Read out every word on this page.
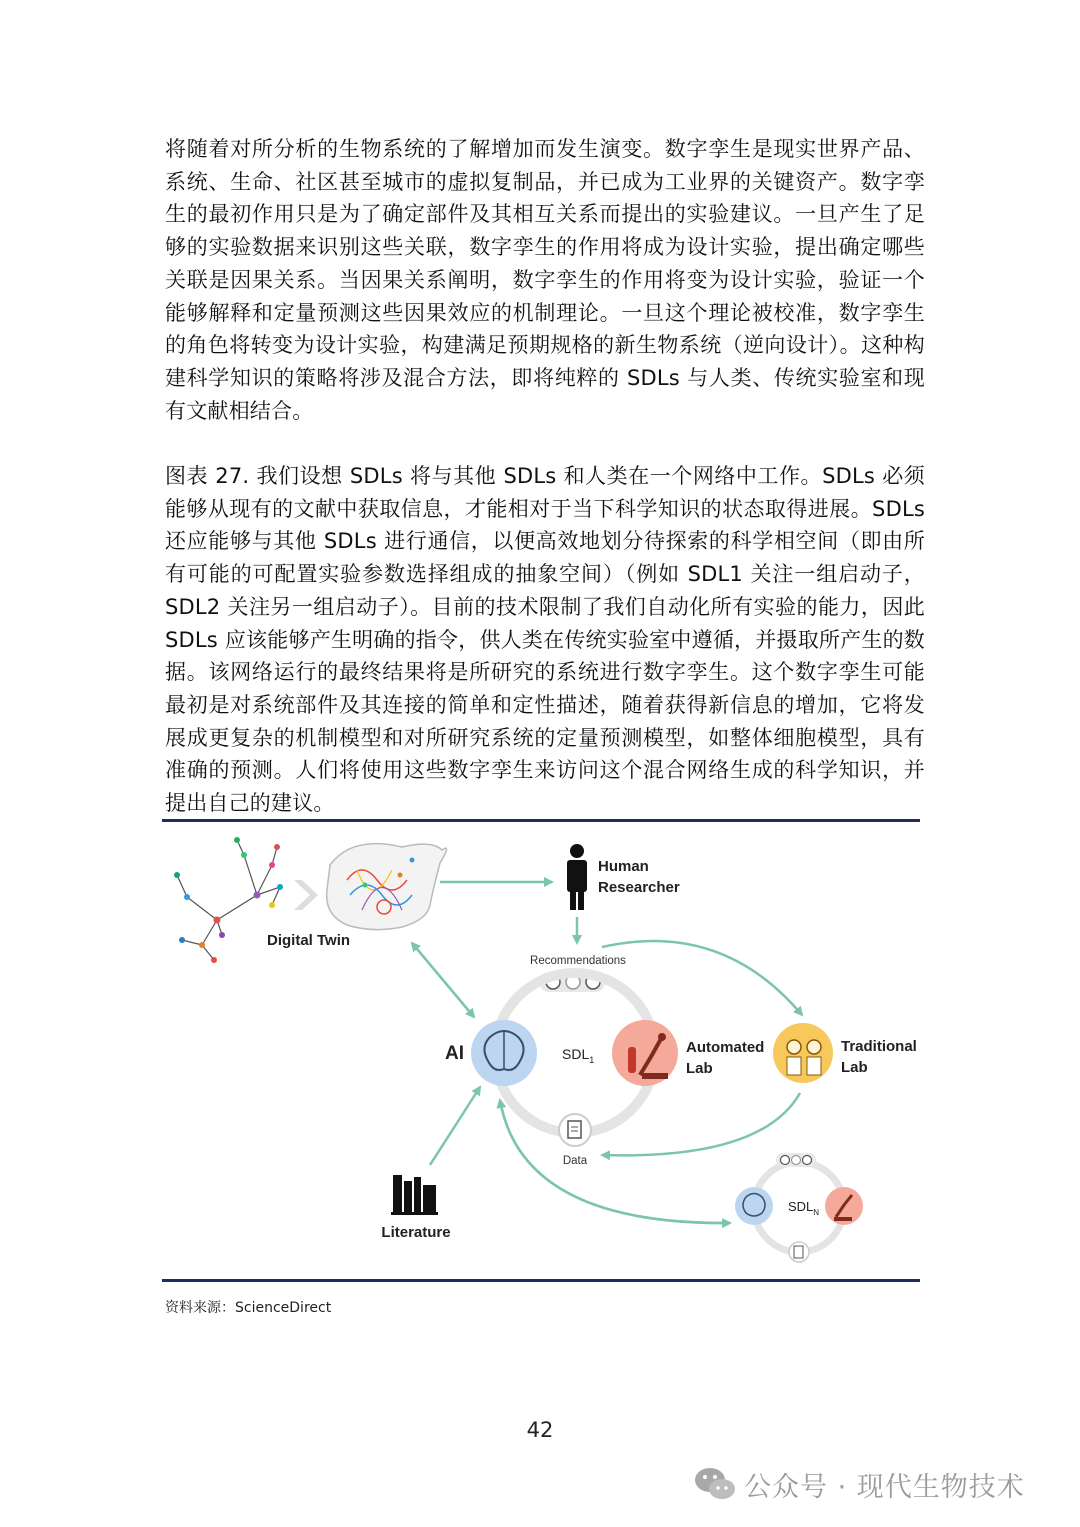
将随着对所分析的生物系统的了解增加而发生演变。数字孪生是现实世界产品、系统、生命、社区甚至城市的虚拟复制品，并已成为工业界的关键资产。数字孪生的最初作用只是为了确定部件及其相互关系而提出的实验建议。一旦产生了足够的实验数据来识别这些关联，数字孪生的作用将成为设计实验，提出确定哪些关联是因果关系。当因果关系阐明，数字孪生的作用将变为设计实验，验证一个能够解释和定量预测这些因果效应的机制理论。一旦这个理论被校准，数字孪生的角色将转变为设计实验，构建满足预期规格的新生物系统（逆向设计）。这种构建科学知识的策略将涉及混合方法，即将纯粹的 SDLs 与人类、传统实验室和现有文献相结合。

图表 27. 我们设想 SDLs 将与其他 SDLs 和人类在一个网络中工作。SDLs 必须能够从现有的文献中获取信息，才能相对于当下科学知识的状态取得进展。SDLs 还应能够与其他 SDLs 进行通信，以便高效地划分待探索的科学相空间（即由所有可能的可配置实验参数选择组成的抽象空间）（例如 SDL1 关注一组启动子，SDL2 关注另一组启动子）。目前的技术限制了我们自动化所有实验的能力，因此 SDLs 应该能够产生明确的指令，供人类在传统实验室中遵循，并摄取所产生的数据。该网络运行的最终结果将是所研究的系统进行数字孪生。这个数字孪生可能最初是对系统部件及其连接的简单和定性描述，随着获得新信息的增加，它将发展成更复杂的机制模型和对所研究系统的定量预测模型，如整体细胞模型，具有准确的预测。人们将使用这些数字孪生来访问这个混合网络生成的科学知识，并提出自己的建议。

Digital Twin
Human
Researcher
Recommendations
AI	$SDL_1$
Automated
Lab
Traditional
Lab
Data
Literature
$SDL_N$
资料来源：ScienceDirect
42
公众号 · 现代生物技术
